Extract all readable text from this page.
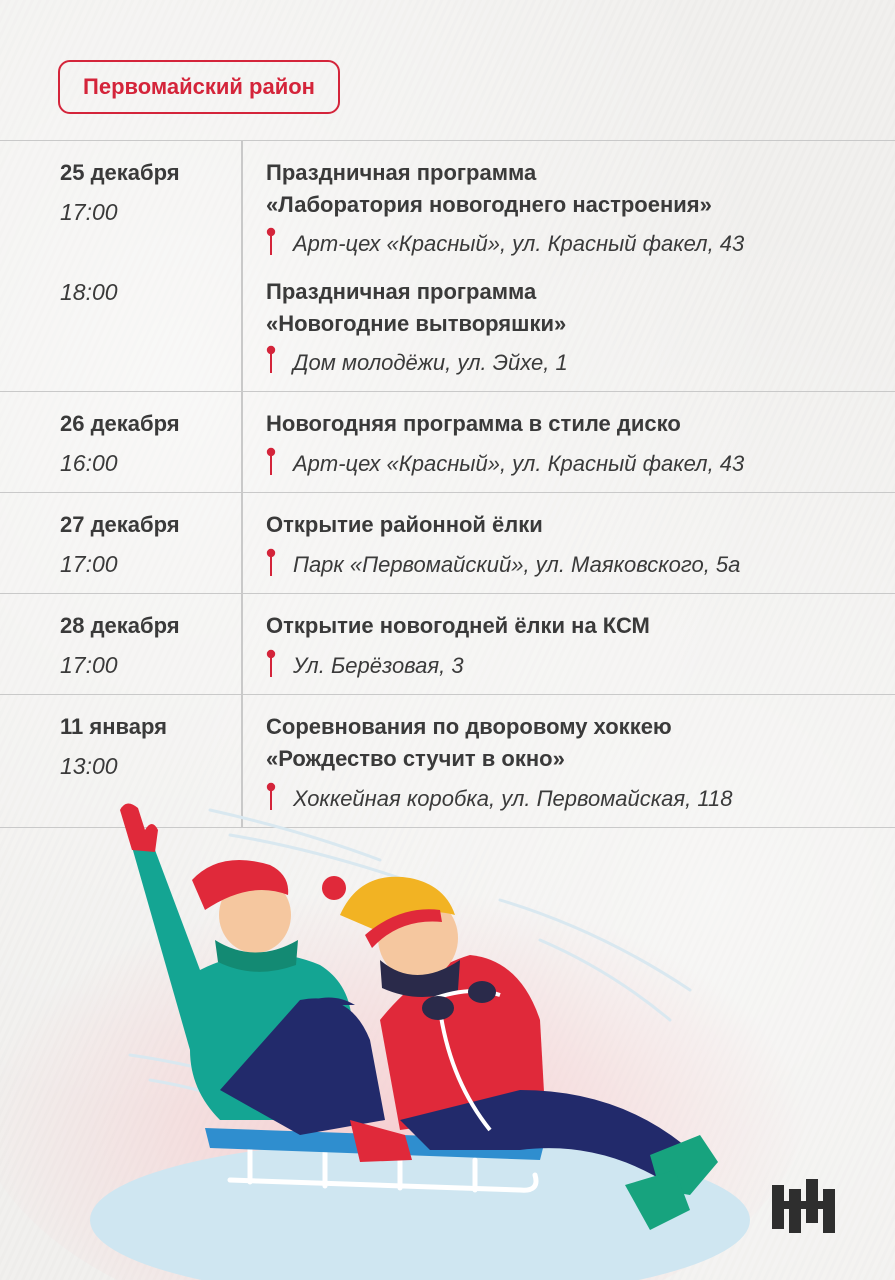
Первомайский район
25 декабря
17:00
Праздничная программа
«Лаборатория новогоднего настроения»
Арт-цех «Красный», ул. Красный факел, 43
18:00	Праздничная программа
«Новогодние вытворяшки»
Дом молодёжи, ул. Эйхе, 1
26 декабря
16:00
Новогодняя программа в стиле диско
Арт-цех «Красный», ул. Красный факел, 43
27 декабря
17:00
Открытие районной ёлки
Парк «Первомайский», ул. Маяковского, 5а
28 декабря
17:00
Открытие новогодней ёлки на КСМ
Ул. Берёзовая, 3
11 января
13:00
Соревнования по дворовому хоккею
«Рождество стучит в окно»
Хоккейная коробка, ул. Первомайская, 118
